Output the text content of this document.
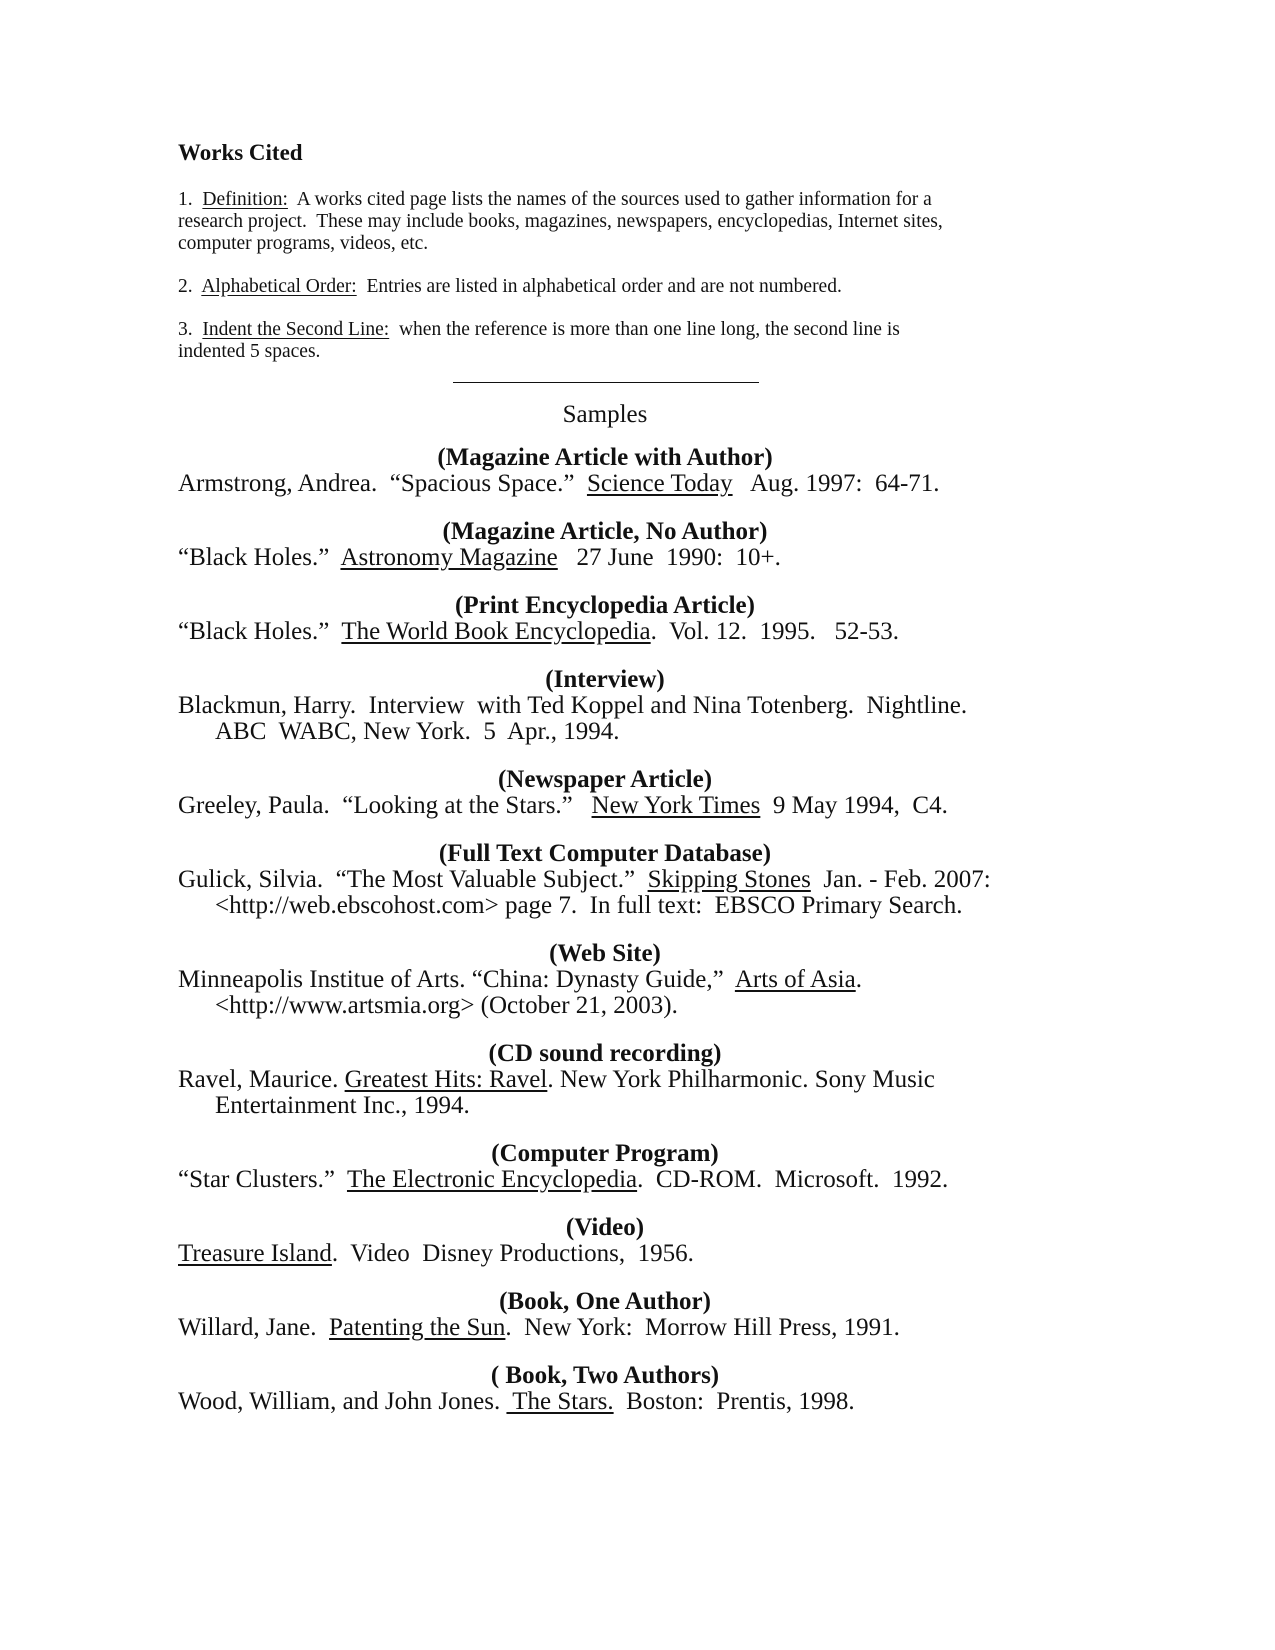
Works Cited
1.  Definition:  A works cited page lists the names of the sources used to gather information for a
research project.  These may include books, magazines, newspapers, encyclopedias, Internet sites,
computer programs, videos, etc.
2.  Alphabetical Order:  Entries are listed in alphabetical order and are not numbered.
3.  Indent the Second Line:  when the reference is more than one line long, the second line is
indented 5 spaces.
Samples
(Magazine Article with Author)
Armstrong, Andrea.  “Spacious Space.”  Science Today   Aug. 1997:  64-71.
(Magazine Article, No Author)
“Black Holes.”  Astronomy Magazine   27 June  1990:  10+.
(Print Encyclopedia Article)
“Black Holes.”  The World Book Encyclopedia.  Vol. 12.  1995.   52-53.
(Interview)
Blackmun, Harry.  Interview  with Ted Koppel and Nina Totenberg.  Nightline.
ABC  WABC, New York.  5  Apr., 1994.
(Newspaper Article)
Greeley, Paula.  “Looking at the Stars.”   New York Times  9 May 1994,  C4.
(Full Text Computer Database)
Gulick, Silvia.  “The Most Valuable Subject.”  Skipping Stones  Jan. - Feb. 2007:
<http://web.ebscohost.com> page 7.  In full text:  EBSCO Primary Search.
(Web Site)
Minneapolis Institue of Arts. “China: Dynasty Guide,”  Arts of Asia.
<http://www.artsmia.org> (October 21, 2003).
(CD sound recording)
Ravel, Maurice. Greatest Hits: Ravel. New York Philharmonic. Sony Music
Entertainment Inc., 1994.
(Computer Program)
“Star Clusters.”  The Electronic Encyclopedia.  CD-ROM.  Microsoft.  1992.
(Video)
Treasure Island.  Video  Disney Productions,  1956.
(Book, One Author)
Willard, Jane.  Patenting the Sun.  New York:  Morrow Hill Press, 1991.
( Book, Two Authors)
Wood, William, and John Jones.  The Stars.  Boston:  Prentis, 1998.
